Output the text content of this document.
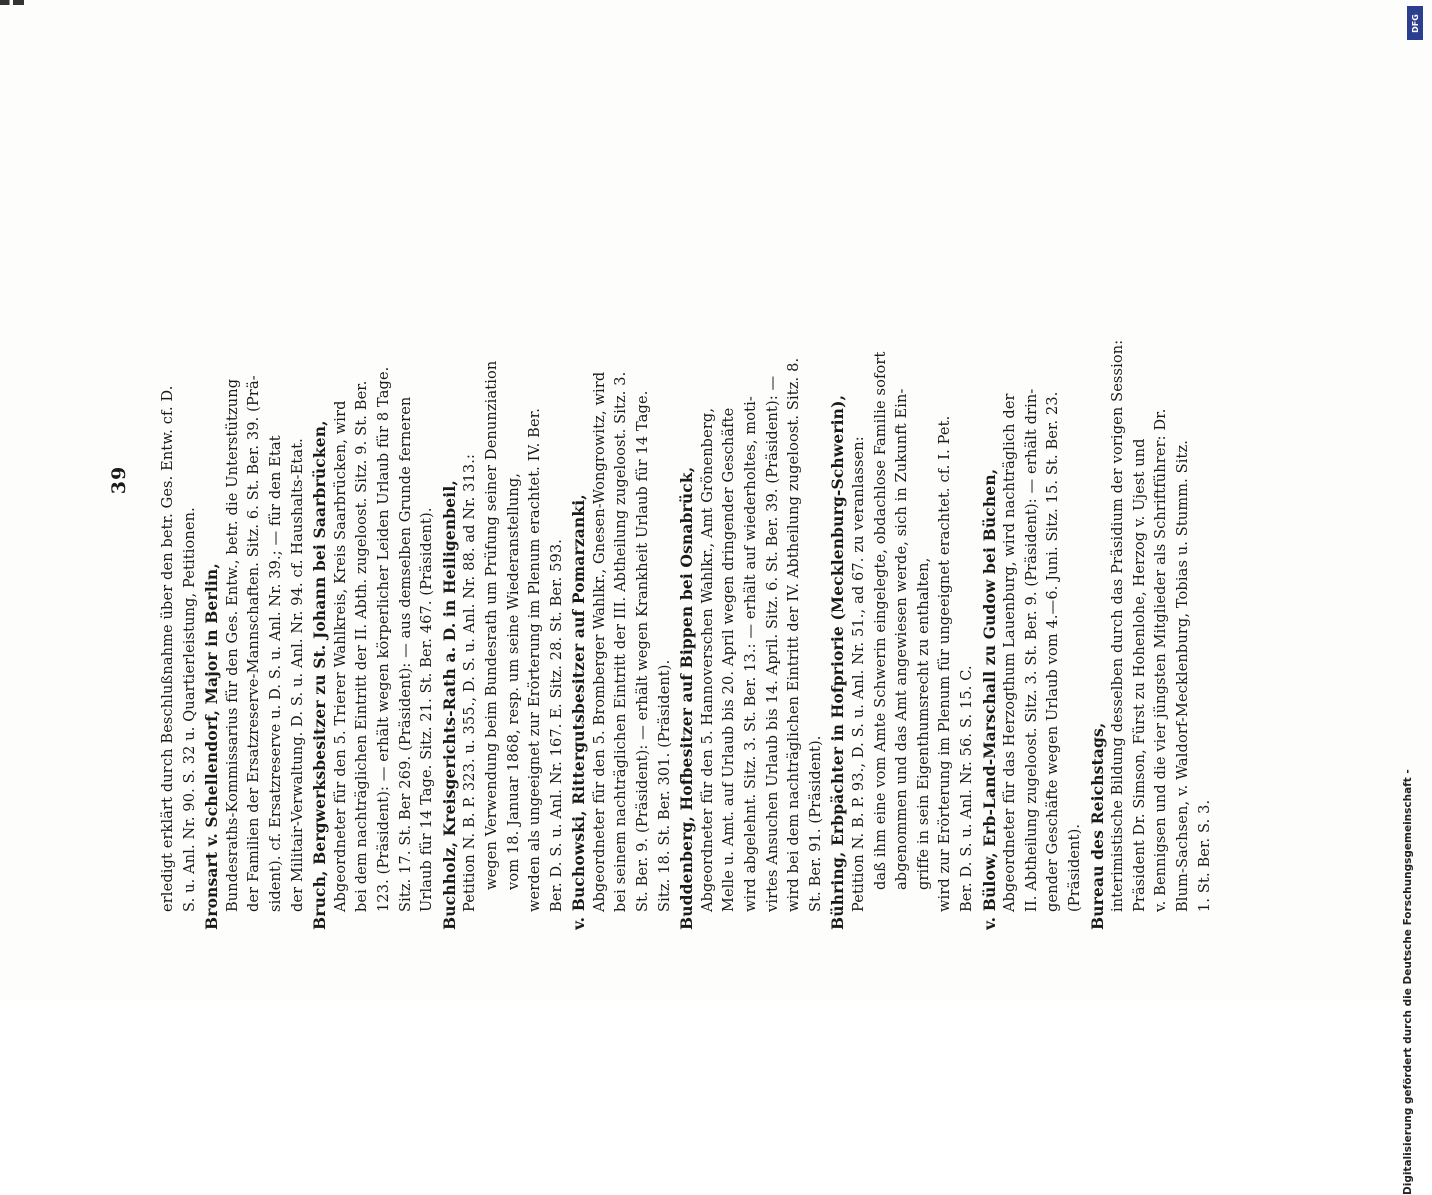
39 erledigt erklärt durch Beschlußnahme über den betr. Ges. Entw. cf. D. S. u. Anl. Nr. 90. S. 32 u. Quartierleistung, Petitionen. Bronsart v. Schellendorf, Major in Berlin, Bundesraths-Kommissarius für den Ges. Entw., betr. die Unterstützung der Familien der Ersatzreserve-Mannschaften. Sitz. 6. St. Ber. 39. (Prä- sident). cf. Ersatzreserve u. D. S. u. Anl. Nr. 39.; — für den Etat der Militair-Verwaltung. D. S. u. Anl. Nr. 94. cf. Haushalts-Etat. Bruch, Bergwerksbesitzer zu St. Johann bei Saarbrücken, Abgeordneter für den 5. Trierer Wahlkreis, Kreis Saarbrücken, wird bei dem nachträglichen Eintritt der II. Abth. zugeloost. Sitz. 9. St. Ber. 123. (Präsident): — erhält wegen körperlicher Leiden Urlaub für 8 Tage. Sitz. 17. St. Ber 269. (Präsident): — aus demselben Grunde ferneren Urlaub für 14 Tage. Sitz. 21. St. Ber. 467. (Präsident). Buchholz, Kreisgerichts-Rath a. D. in Heiligenbeil, Petition N. B. P. 323. u. 355., D. S. u. Anl. Nr. 88. ad Nr. 313.: wegen Verwendung beim Bundesrath um Prüfung seiner Denunziation vom 18. Januar 1868, resp. um seine Wiederanstellung, werden als ungeeignet zur Erörterung im Plenum erachtet. IV. Ber. Ber. D. S. u. Anl. Nr. 167. E. Sitz. 28. St. Ber. 593. v. Buchowski, Rittergutsbesitzer auf Pomarzanki, Abgeordneter für den 5. Bromberger Wahlkr., Gnesen-Wongrowitz, wird bei seinem nachträglichen Eintritt der III. Abtheilung zugeloost. Sitz. 3. St. Ber. 9. (Präsident): — erhält wegen Krankheit Urlaub für 14 Tage. Sitz. 18. St. Ber. 301. (Präsident). Buddenberg, Hofbesitzer auf Bippen bei Osnabrück, Abgeordneter für den 5. Hannoverschen Wahlkr., Amt Grönenberg, Melle u. Amt. auf Urlaub bis 20. April wegen dringender Geschäfte wird abgelehnt. Sitz. 3. St. Ber. 13.: — erhält auf wiederholtes, moti- virtes Ansuchen Urlaub bis 14. April. Sitz. 6. St. Ber. 39. (Präsident): — wird bei dem nachträglichen Eintritt der IV. Abtheilung zugeloost. Sitz. 8. St. Ber. 91. (Präsident). Bühring, Erbpächter in Hofpriorie (Mecklenburg-Schwerin), Petition N. B. P. 93., D. S. u. Anl. Nr. 51., ad 67. zu veranlassen: daß ihm eine vom Amte Schwerin eingelegte, obdachlose Familie sofort abgenommen und das Amt angewiesen werde, sich in Zukunft Ein- griffe in sein Eigenthumsrecht zu enthalten, wird zur Erörterung im Plenum für ungeeignet erachtet. cf. I. Pet. Ber. D. S. u. Anl. Nr. 56. S. 15. C. v. Bülow, Erb-Land-Marschall zu Gudow bei Büchen, Abgeordneter für das Herzogthum Lauenburg, wird nachträglich der II. Abtheilung zugeloost. Sitz. 3. St. Ber. 9. (Präsident): — erhält drin- gender Geschäfte wegen Urlaub vom 4.—6. Juni. Sitz. 15. St. Ber. 23. (Präsident). Bureau des Reichstags, interimistische Bildung desselben durch das Präsidium der vorigen Session: Präsident Dr. Simson, Fürst zu Hohenlohe, Herzog v. Ujest und v. Bennigsen und die vier jüngsten Mitglieder als Schriftführer: Dr. Blum-Sachsen, v. Waldorf-Mecklenburg, Tobias u. Stumm. Sitz. 1. St. Ber. S. 3.	Digitalisierung gefördert durch die Deutsche Forschungsgemeinschaft -
DFG
